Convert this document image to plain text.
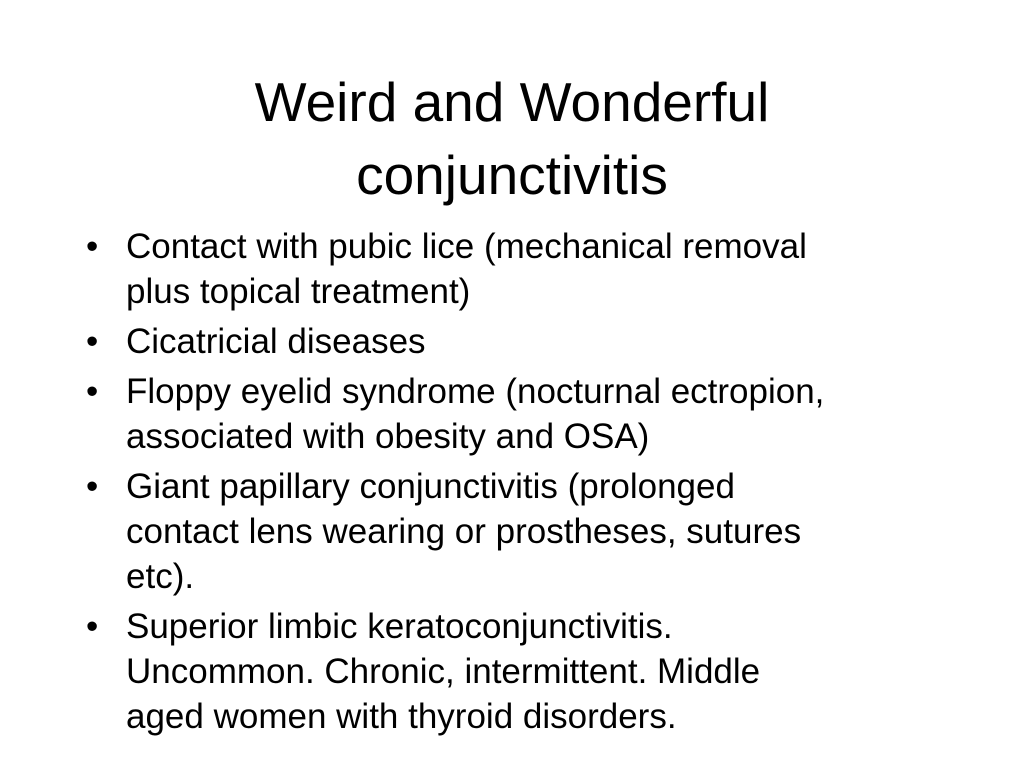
Weird and Wonderful
conjunctivitis
• Contact with pubic lice (mechanical removal
plus topical treatment)
• Cicatricial diseases
• Floppy eyelid syndrome (nocturnal ectropion,
associated with obesity and OSA)
• Giant papillary conjunctivitis (prolonged
contact lens wearing or prostheses, sutures
etc).
• Superior limbic keratoconjunctivitis.
Uncommon. Chronic, intermittent. Middle
aged women with thyroid disorders.
